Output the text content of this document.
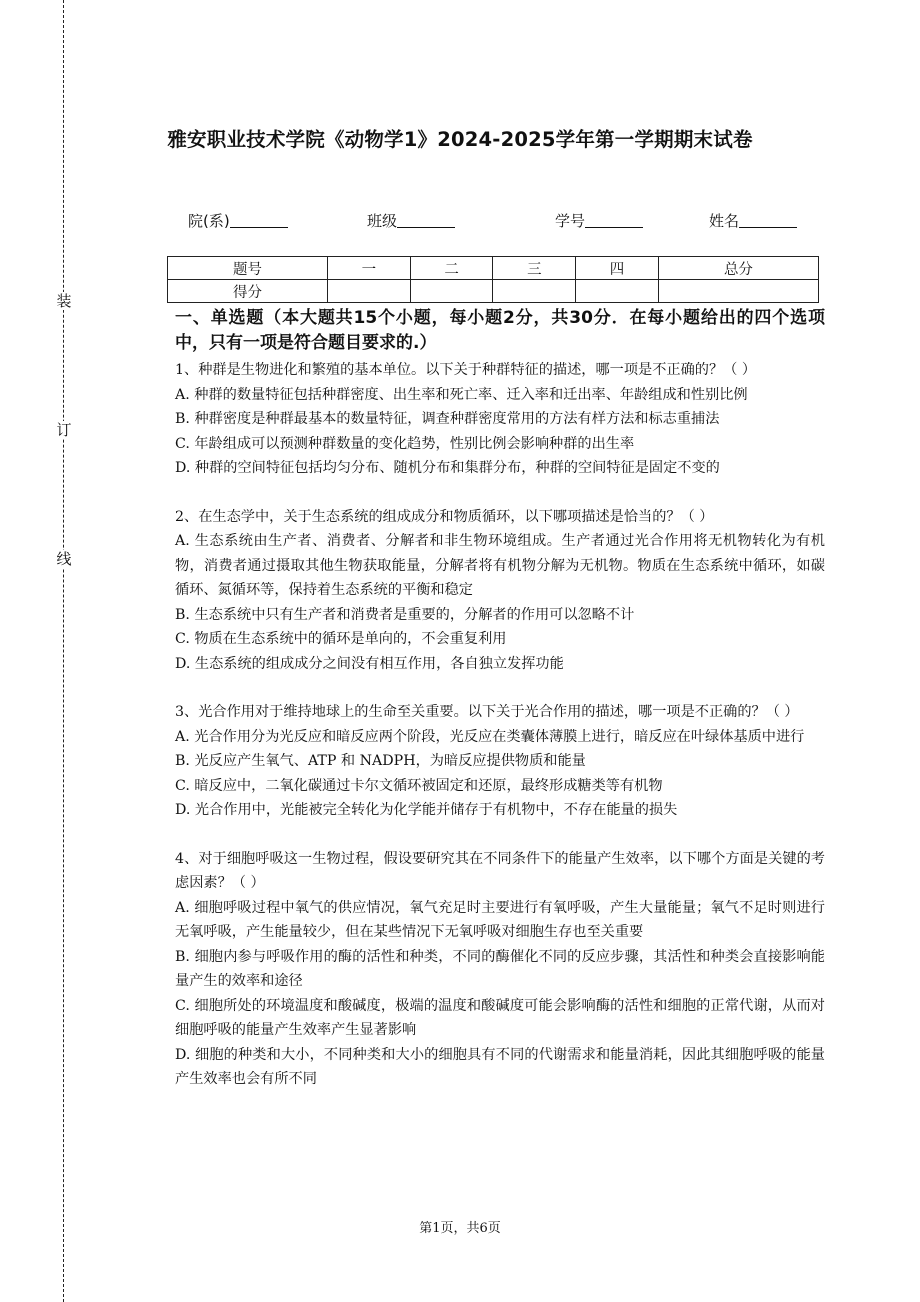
装
订
线
雅安职业技术学院《动物学1》2024-2025学年第一学期期末试卷
院(系)	班级	学号	姓名
题号	一	二	三	四	总分
得分					

一、单选题（本大题共15个小题，每小题2分，共30分．在每小题给出的四个选项中，只有一项是符合题目要求的.）

1、种群是生物进化和繁殖的基本单位。以下关于种群特征的描述，哪一项是不正确的？（ ）

A. 种群的数量特征包括种群密度、出生率和死亡率、迁入率和迁出率、年龄组成和性别比例

B. 种群密度是种群最基本的数量特征，调查种群密度常用的方法有样方法和标志重捕法

C. 年龄组成可以预测种群数量的变化趋势，性别比例会影响种群的出生率

D. 种群的空间特征包括均匀分布、随机分布和集群分布，种群的空间特征是固定不变的

2、在生态学中，关于生态系统的组成成分和物质循环，以下哪项描述是恰当的？（ ）

A. 生态系统由生产者、消费者、分解者和非生物环境组成。生产者通过光合作用将无机物转化为有机物，消费者通过摄取其他生物获取能量，分解者将有机物分解为无机物。物质在生态系统中循环，如碳循环、氮循环等，保持着生态系统的平衡和稳定

B. 生态系统中只有生产者和消费者是重要的，分解者的作用可以忽略不计

C. 物质在生态系统中的循环是单向的，不会重复利用

D. 生态系统的组成成分之间没有相互作用，各自独立发挥功能

3、光合作用对于维持地球上的生命至关重要。以下关于光合作用的描述，哪一项是不正确的？（ ）

A. 光合作用分为光反应和暗反应两个阶段，光反应在类囊体薄膜上进行，暗反应在叶绿体基质中进行

B. 光反应产生氧气、ATP 和 NADPH，为暗反应提供物质和能量

C. 暗反应中，二氧化碳通过卡尔文循环被固定和还原，最终形成糖类等有机物

D. 光合作用中，光能被完全转化为化学能并储存于有机物中，不存在能量的损失

4、对于细胞呼吸这一生物过程，假设要研究其在不同条件下的能量产生效率，以下哪个方面是关键的考虑因素？（ ）

A. 细胞呼吸过程中氧气的供应情况，氧气充足时主要进行有氧呼吸，产生大量能量；氧气不足时则进行无氧呼吸，产生能量较少，但在某些情况下无氧呼吸对细胞生存也至关重要

B. 细胞内参与呼吸作用的酶的活性和种类，不同的酶催化不同的反应步骤，其活性和种类会直接影响能量产生的效率和途径

C. 细胞所处的环境温度和酸碱度，极端的温度和酸碱度可能会影响酶的活性和细胞的正常代谢，从而对细胞呼吸的能量产生效率产生显著影响

D. 细胞的种类和大小，不同种类和大小的细胞具有不同的代谢需求和能量消耗，因此其细胞呼吸的能量产生效率也会有所不同

第1页，共6页
